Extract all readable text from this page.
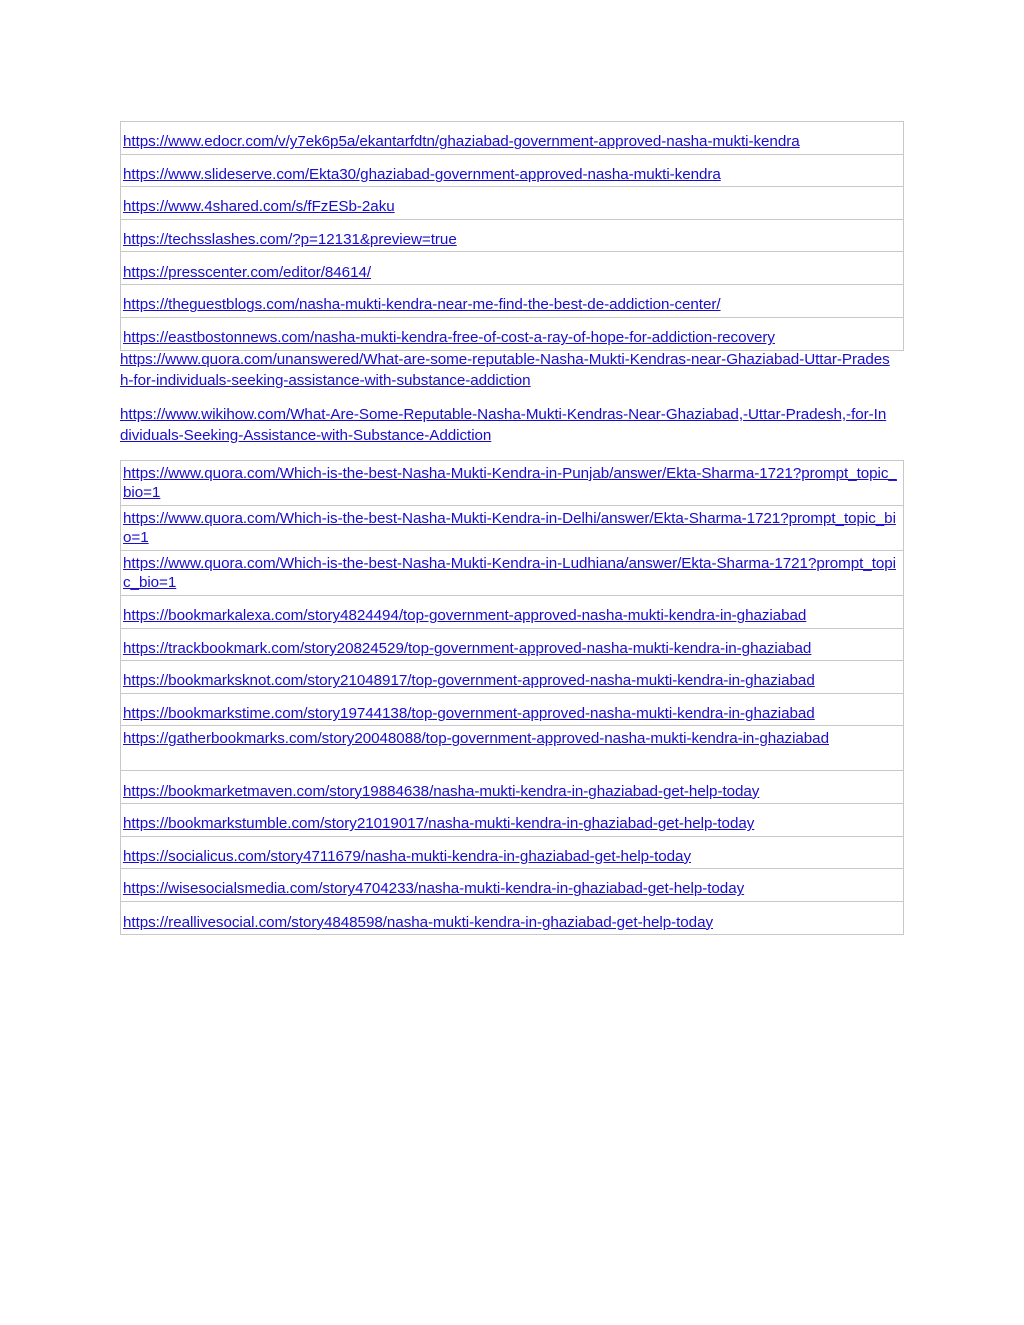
https://www.edocr.com/v/y7ek6p5a/ekantarfdtn/ghaziabad-government-approved-nasha-mukti-kendra
https://www.slideserve.com/Ekta30/ghaziabad-government-approved-nasha-mukti-kendra
https://www.4shared.com/s/fFzESb-2aku
https://techsslashes.com/?p=12131&preview=true
https://presscenter.com/editor/84614/
https://theguestblogs.com/nasha-mukti-kendra-near-me-find-the-best-de-addiction-center/
https://eastbostonnews.com/nasha-mukti-kendra-free-of-cost-a-ray-of-hope-for-addiction-recovery
https://www.quora.com/unanswered/What-are-some-reputable-Nasha-Mukti-Kendras-near-Ghaziabad-Uttar-Pradesh-for-individuals-seeking-assistance-with-substance-addiction
https://www.wikihow.com/What-Are-Some-Reputable-Nasha-Mukti-Kendras-Near-Ghaziabad,-Uttar-Pradesh,-for-Individuals-Seeking-Assistance-with-Substance-Addiction
https://www.quora.com/Which-is-the-best-Nasha-Mukti-Kendra-in-Punjab/answer/Ekta-Sharma-1721?prompt_topic_bio=1
https://www.quora.com/Which-is-the-best-Nasha-Mukti-Kendra-in-Delhi/answer/Ekta-Sharma-1721?prompt_topic_bio=1
https://www.quora.com/Which-is-the-best-Nasha-Mukti-Kendra-in-Ludhiana/answer/Ekta-Sharma-1721?prompt_topic_bio=1
https://bookmarkalexa.com/story4824494/top-government-approved-nasha-mukti-kendra-in-ghaziabad
https://trackbookmark.com/story20824529/top-government-approved-nasha-mukti-kendra-in-ghaziabad
https://bookmarksknot.com/story21048917/top-government-approved-nasha-mukti-kendra-in-ghaziabad
https://bookmarkstime.com/story19744138/top-government-approved-nasha-mukti-kendra-in-ghaziabad
https://gatherbookmarks.com/story20048088/top-government-approved-nasha-mukti-kendra-in-ghaziabad
https://bookmarketmaven.com/story19884638/nasha-mukti-kendra-in-ghaziabad-get-help-today
https://bookmarkstumble.com/story21019017/nasha-mukti-kendra-in-ghaziabad-get-help-today
https://socialicus.com/story4711679/nasha-mukti-kendra-in-ghaziabad-get-help-today
https://wisesocialsmedia.com/story4704233/nasha-mukti-kendra-in-ghaziabad-get-help-today
https://reallivesocial.com/story4848598/nasha-mukti-kendra-in-ghaziabad-get-help-today
